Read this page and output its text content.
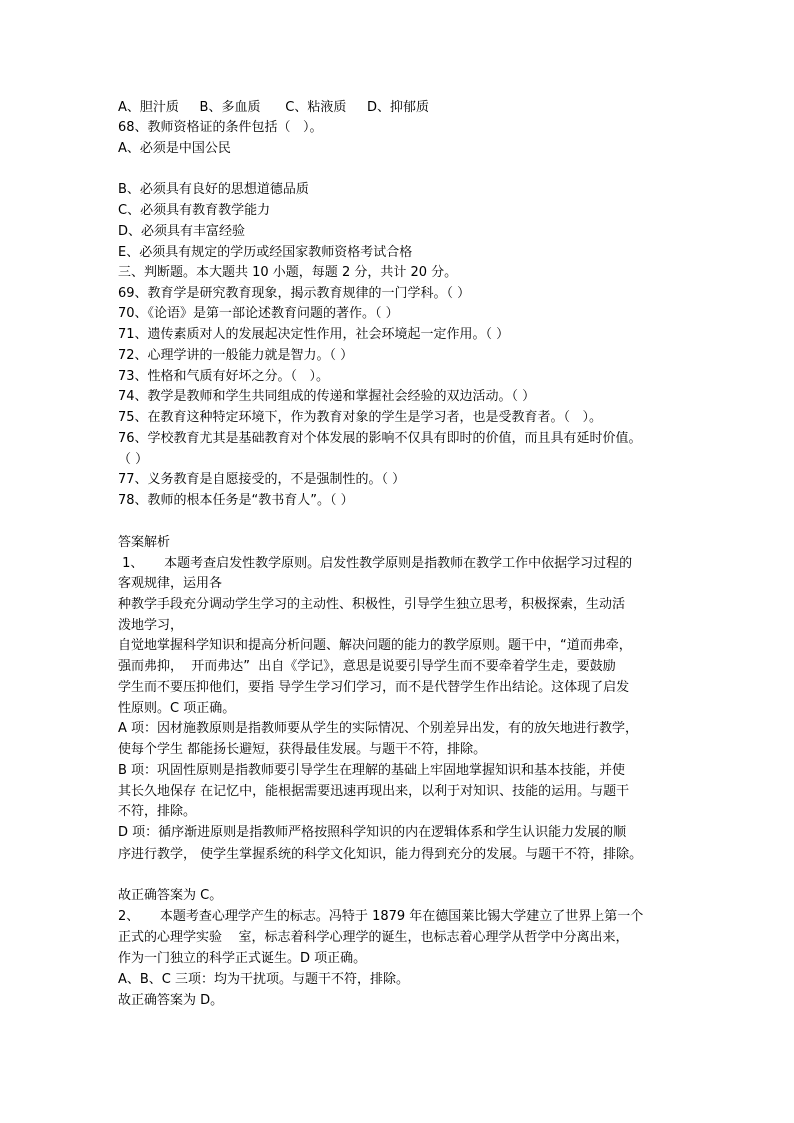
A、胆汁质     B、多血质      C、粘液质     D、抑郁质
68、教师资格证的条件包括（   ）。
A、必须是中国公民
B、必须具有良好的思想道德品质
C、必须具有教育教学能力
D、必须具有丰富经验
E、必须具有规定的学历或经国家教师资格考试合格
三、判断题。本大题共 10 小题，每题 2 分，共计 20 分。
69、教育学是研究教育现象，揭示教育规律的一门学科。（ ）
70、《论语》是第一部论述教育问题的著作。（ ）
71、遗传素质对人的发展起决定性作用，社会环境起一定作用。（ ）
72、心理学讲的一般能力就是智力。（ ）
73、性格和气质有好坏之分。（   ）。
74、教学是教师和学生共同组成的传递和掌握社会经验的双边活动。（ ）
75、在教育这种特定环境下，作为教育对象的学生是学习者，也是受教育者。（   ）。
76、学校教育尤其是基础教育对个体发展的影响不仅具有即时的价值，而且具有延时价值。
（ ）
77、义务教育是自愿接受的，不是强制性的。（ ）
78、教师的根本任务是“教书育人”。（ ）
答案解析
1、     本题考查启发性教学原则。启发性教学原则是指教师在教学工作中依据学习过程的
客观规律，运用各
种教学手段充分调动学生学习的主动性、积极性，引导学生独立思考，积极探索，生动活
泼地学习，
自觉地掌握科学知识和提高分析问题、解决问题的能力的教学原则。题干中，“道而弗牵，
强而弗抑，  开而弗达”  出自《学记》，意思是说要引导学生而不要牵着学生走，要鼓励
学生而不要压抑他们，要指 导学生学习们学习，而不是代替学生作出结论。这体现了启发
性原则。C 项正确。
A 项：因材施教原则是指教师要从学生的实际情况、个别差异出发，有的放矢地进行教学，
使每个学生 都能扬长避短，获得最佳发展。与题干不符，排除。
B 项：巩固性原则是指教师要引导学生在理解的基础上牢固地掌握知识和基本技能，并使
其长久地保存 在记忆中，能根据需要迅速再现出来，以利于对知识、技能的运用。与题干
不符，排除。
D 项：循序渐进原则是指教师严格按照科学知识的内在逻辑体系和学生认识能力发展的顺
序进行教学， 使学生掌握系统的科学文化知识，能力得到充分的发展。与题干不符，排除。
故正确答案为 C。
2、     本题考查心理学产生的标志。冯特于 1879 年在德国莱比锡大学建立了世界上第一个
正式的心理学实验    室，标志着科学心理学的诞生，也标志着心理学从哲学中分离出来，
作为一门独立的科学正式诞生。D 项正确。
A、B、C 三项：均为干扰项。与题干不符，排除。
故正确答案为 D。
